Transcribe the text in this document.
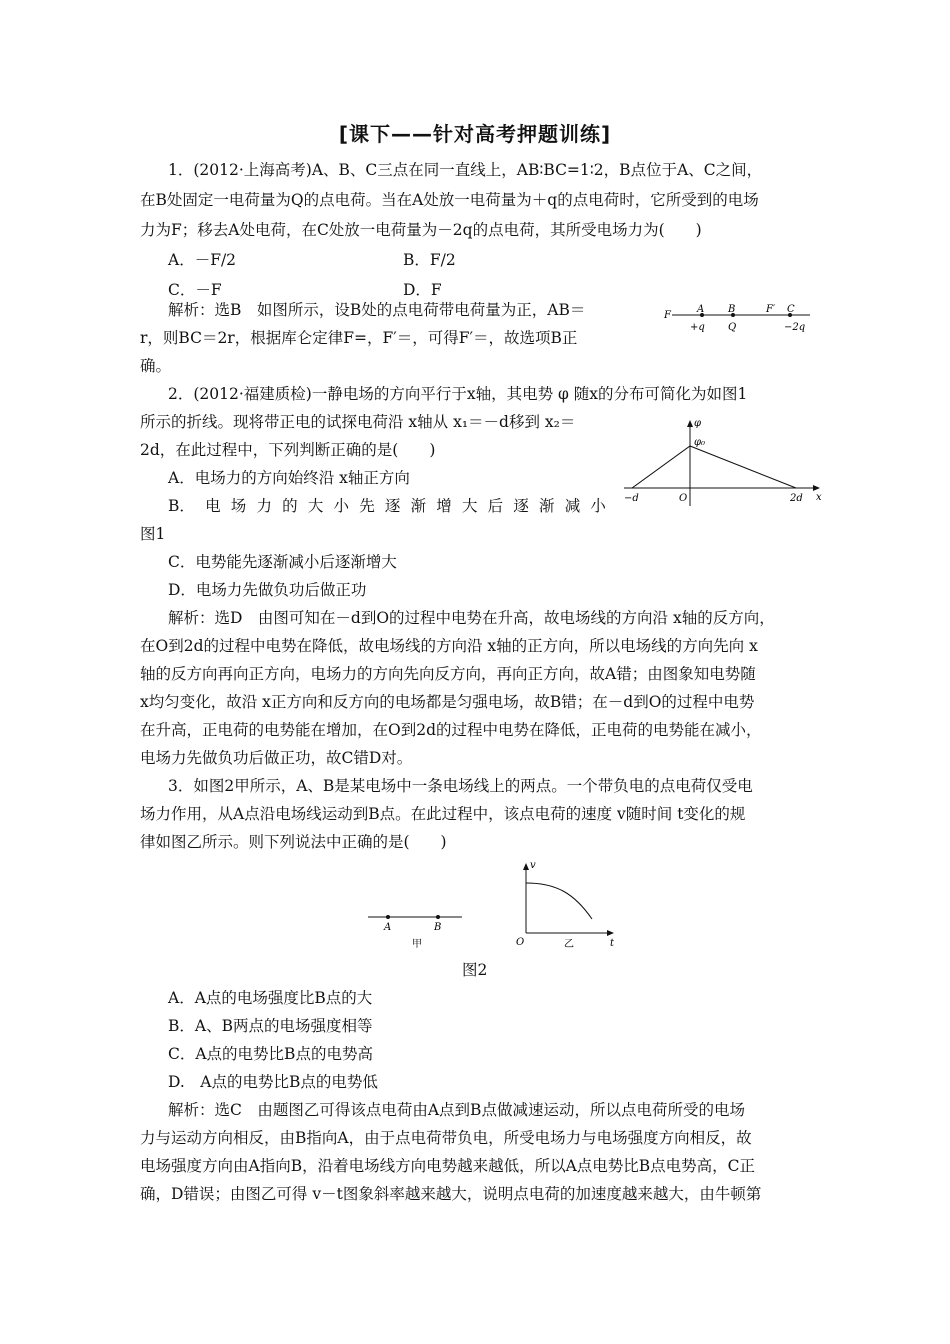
[课下——针对高考押题训练]
1．(2012·上海高考)A、B、C三点在同一直线上，AB∶BC=1∶2，B点位于A、C之间，
在B处固定一电荷量为Q的点电荷。当在A处放一电荷量为＋q的点电荷时，它所受到的电场
力为F；移去A处电荷，在C处放一电荷量为－2q的点电荷，其所受电场力为(　　)
A．－F/2	B．F/2
C．－F	D．F
解析：选B　如图所示，设B处的点电荷带电荷量为正，AB＝
r，则BC＝2r，根据库仑定律F=，F′＝，可得F′＝，故选项B正
确。
F
A B	F′ C
+q Q	−2q
2．(2012·福建质检)一静电场的方向平行于x轴，其电势 φ 随x的分布可简化为如图1
所示的折线。现将带正电的试探电荷沿 x轴从 x₁＝－d移到 x₂＝
2d，在此过程中，下列判断正确的是(　　)
A．电场力的方向始终沿 x轴正方向
B． 电 场 力 的 大 小 先 逐 渐 增 大 后 逐 渐 减 小
图1
C．电势能先逐渐减小后逐渐增大
D．电场力先做负功后做正功
解析：选D　由图可知在－d到O的过程中电势在升高，故电场线的方向沿 x轴的反方向，
在O到2d的过程中电势在降低，故电场线的方向沿 x轴的正方向，所以电场线的方向先向 x
轴的反方向再向正方向，电场力的方向先向反方向，再向正方向，故A错；由图象知电势随
x均匀变化，故沿 x正方向和反方向的电场都是匀强电场，故B错；在－d到O的过程中电势
在升高，正电荷的电势能在增加，在O到2d的过程中电势在降低，正电荷的电势能在减小，
电场力先做负功后做正功，故C错D对。
φ
φ₀
−d	O	2d x
3．如图2甲所示，A、B是某电场中一条电场线上的两点。一个带负电的点电荷仅受电
场力作用，从A点沿电场线运动到B点。在此过程中，该点电荷的速度 v随时间 t变化的规
律如图乙所示。则下列说法中正确的是(　　)
A	B
甲
v
O	乙	t
图2
A．A点的电场强度比B点的大
B．A、B两点的电场强度相等
C．A点的电势比B点的电势高
D.　A点的电势比B点的电势低
解析：选C　由题图乙可得该点电荷由A点到B点做减速运动，所以点电荷所受的电场
力与运动方向相反，由B指向A，由于点电荷带负电，所受电场力与电场强度方向相反，故
电场强度方向由A指向B，沿着电场线方向电势越来越低，所以A点电势比B点电势高，C正
确，D错误；由图乙可得 v－t图象斜率越来越大，说明点电荷的加速度越来越大，由牛顿第
